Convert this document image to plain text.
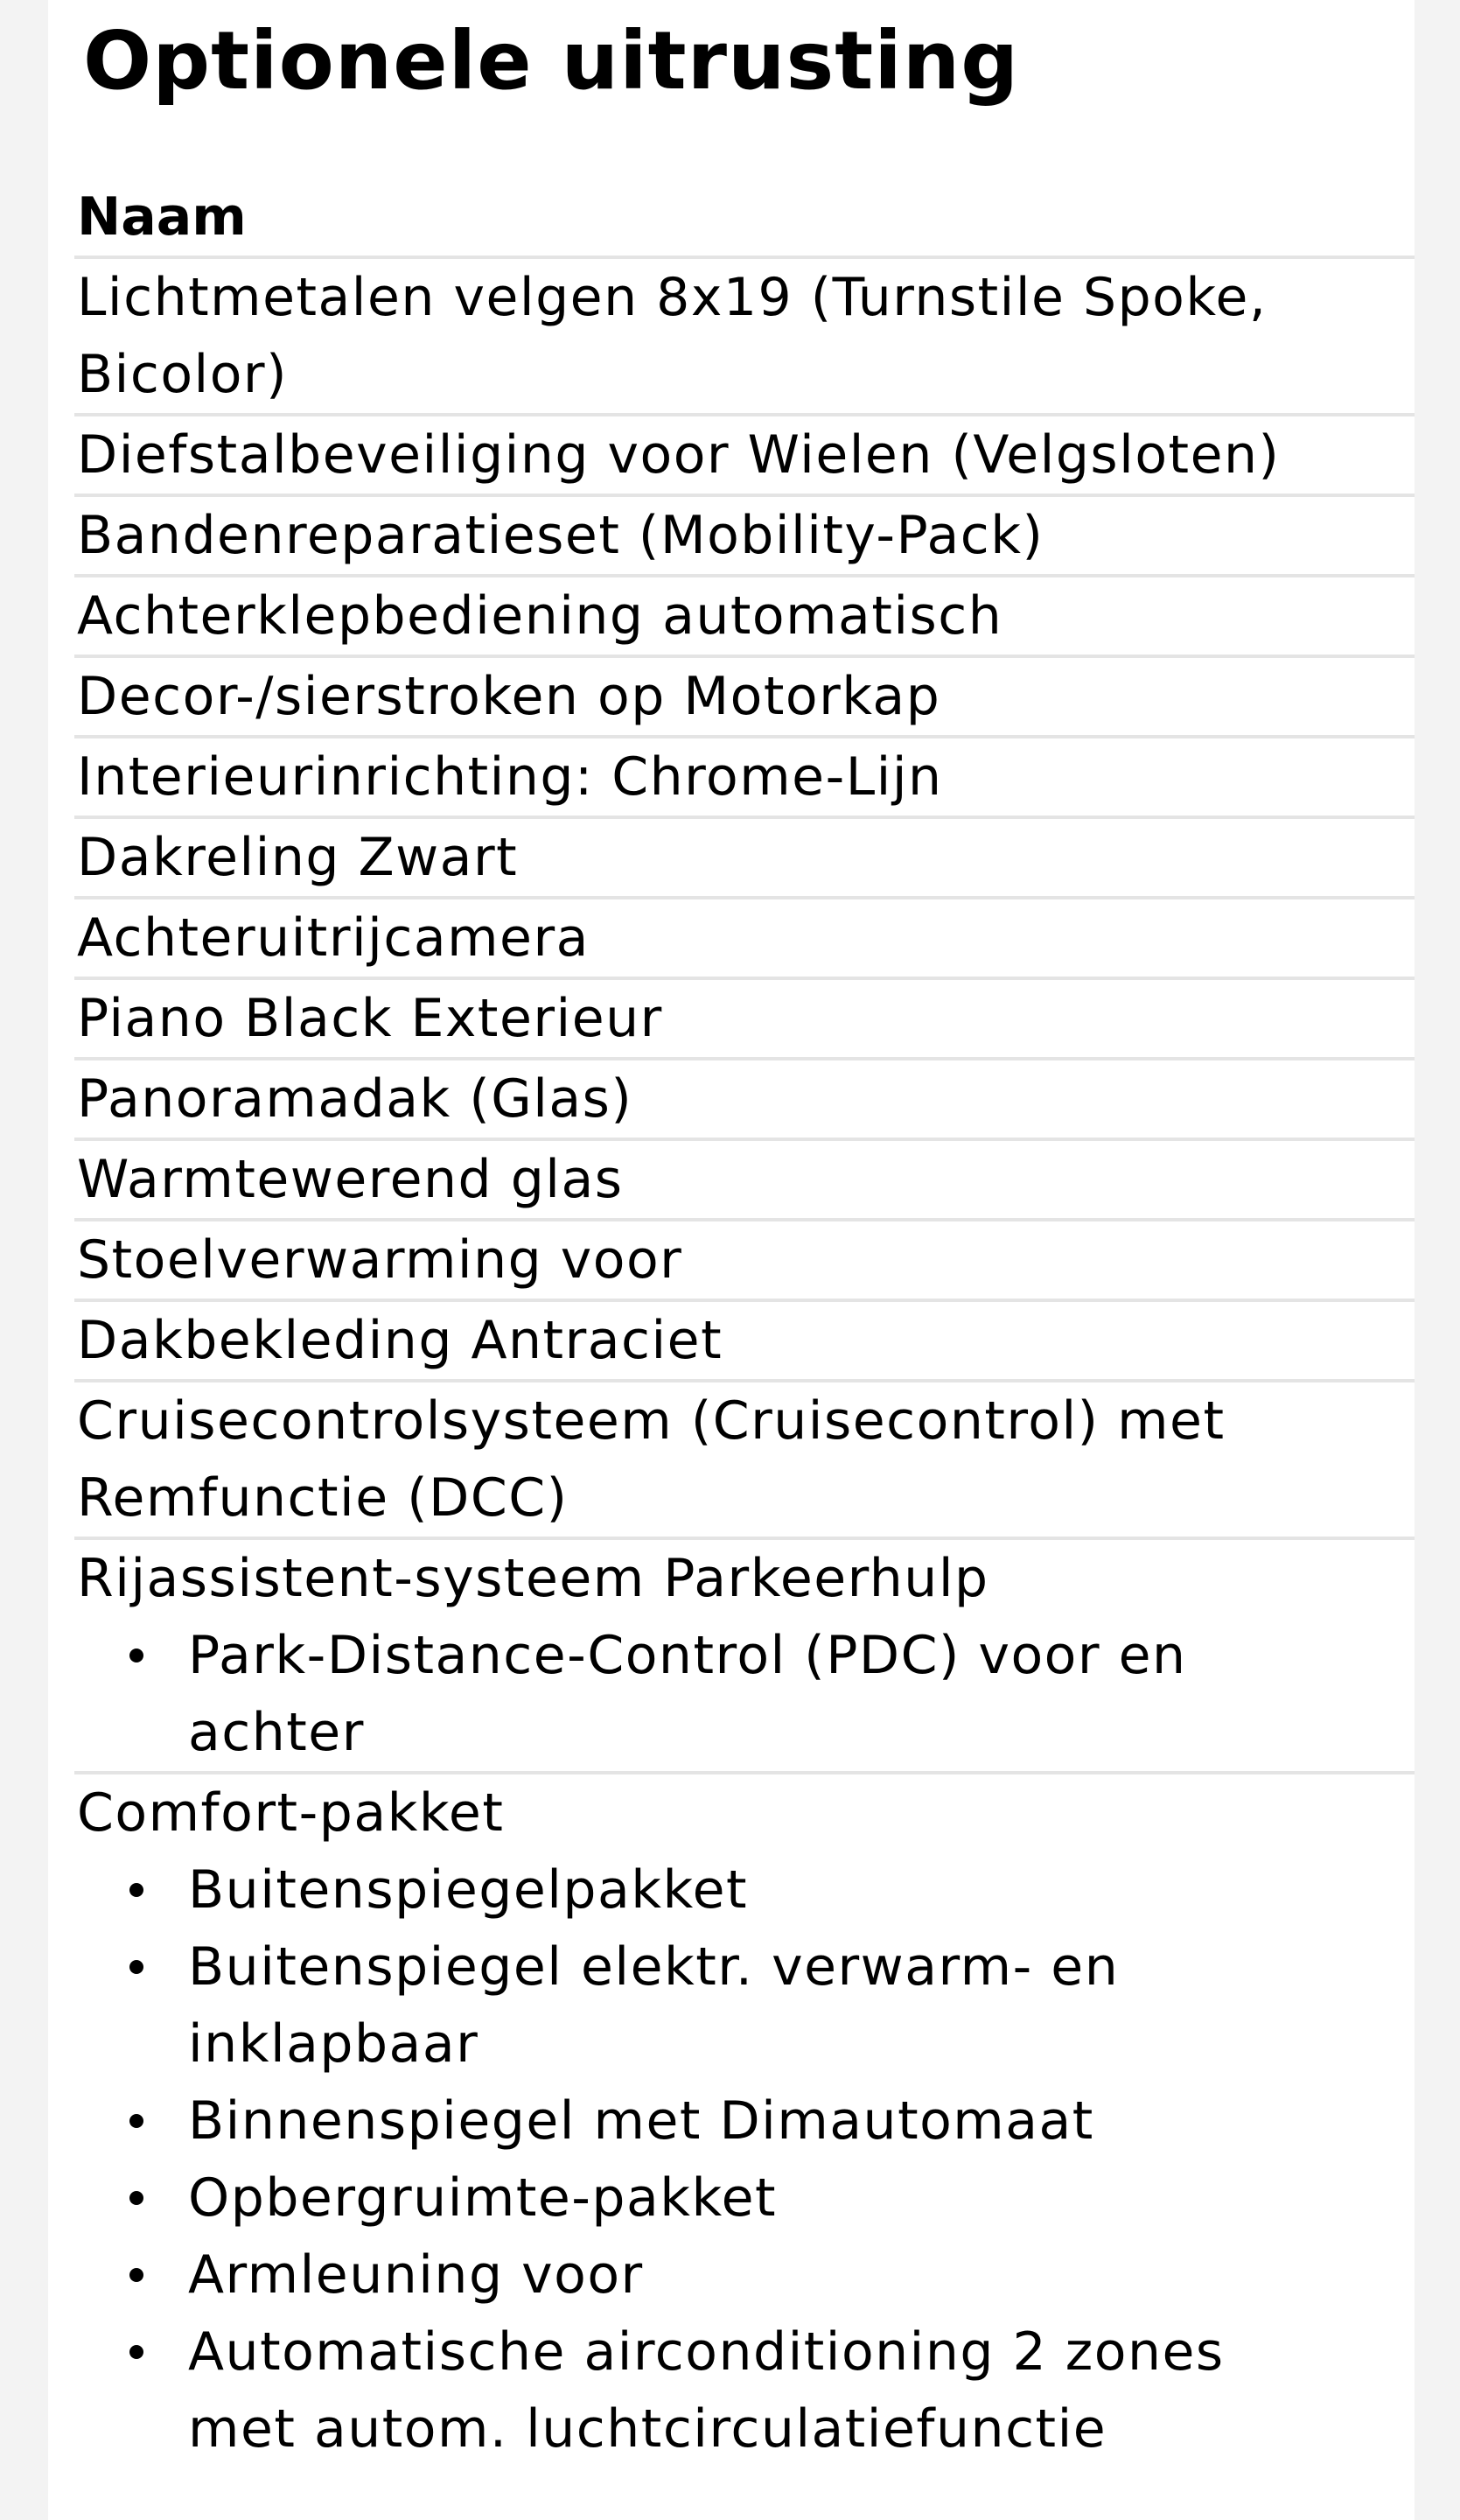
Optionele uitrusting
Naam
Lichtmetalen velgen 8x19 (Turnstile Spoke,
Bicolor)
Diefstalbeveiliging voor Wielen (Velgsloten)
Bandenreparatieset (Mobility-Pack)
Achterklepbediening automatisch
Decor-/sierstroken op Motorkap
Interieurinrichting: Chrome-Lijn
Dakreling Zwart
Achteruitrijcamera
Piano Black Exterieur
Panoramadak (Glas)
Warmtewerend glas
Stoelverwarming voor
Dakbekleding Antraciet
Cruisecontrolsysteem (Cruisecontrol) met
Remfunctie (DCC)
Rijassistent-systeem Parkeerhulp
Park-Distance-Control (PDC) voor en
achter
Comfort-pakket
Buitenspiegelpakket
Buitenspiegel elektr. verwarm- en
inklapbaar
Binnenspiegel met Dimautomaat
Opbergruimte-pakket
Armleuning voor
Automatische airconditioning 2 zones
met autom. luchtcirculatiefunctie
